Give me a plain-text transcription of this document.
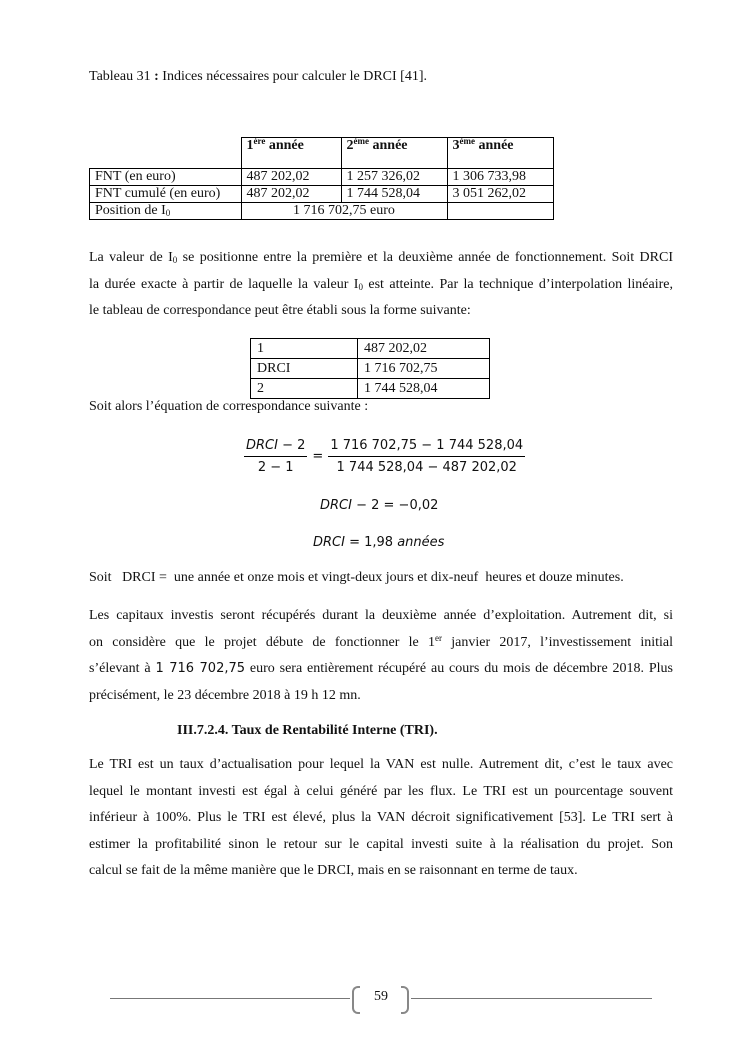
Tableau 31 : Indices nécessaires pour calculer le DRCI [41].
	$1^{ére}$ année	2ème année	3ème année
FNT (en euro)	487 202,02	1 257 326,02	1 306 733,98
FNT cumulé (en euro)	487 202,02	1 744 528,04	3 051 262,02
Position de $I_0$	1 716 702,75 euro		
La valeur de $I_0$ se positionne entre la première et la deuxième année de fonctionnement. Soit DRCI
la durée exacte à partir de laquelle la valeur $I_0$ est atteinte. Par la technique d’interpolation linéaire,
le tableau de correspondance peut être établi sous la forme suivante:
1	487 202,02
DRCI	1 716 702,75
2	1 744 528,04
Soit alors l’équation de correspondance suivante :
$\frac{\text{DRCI − 2}}{2 - 1} = \frac{1 716 702,75 - 1 744 528,04}{1 744 528,04 - 487 202,02}$
DRCI − 2 = −0,02
DRCI = 1,98 années
Soit   DRCI =  une année et onze mois et vingt-deux jours et dix-neuf  heures et douze minutes.
Les capitaux investis seront récupérés durant la deuxième année d’exploitation. Autrement dit, si
on considère que le projet débute de fonctionner le 1er janvier 2017, l’investissement initial
s’élevant à 1 716 702,75 euro sera entièrement récupéré au cours du mois de décembre 2018. Plus
précisément, le 23 décembre 2018 à 19 h 12 mn.
III.7.2.4. Taux de Rentabilité Interne (TRI).
Le TRI est un taux d’actualisation pour lequel la VAN est nulle. Autrement dit, c’est le taux avec
lequel le montant investi est égal à celui généré par les flux. Le TRI est un pourcentage souvent
inférieur à 100%. Plus le TRI est élevé, plus la VAN décroit significativement [53]. Le TRI sert à
estimer la profitabilité sinon le retour sur le capital investi suite à la réalisation du projet. Son
calcul se fait de la même manière que le DRCI, mais en se raisonnant en terme de taux.
59
